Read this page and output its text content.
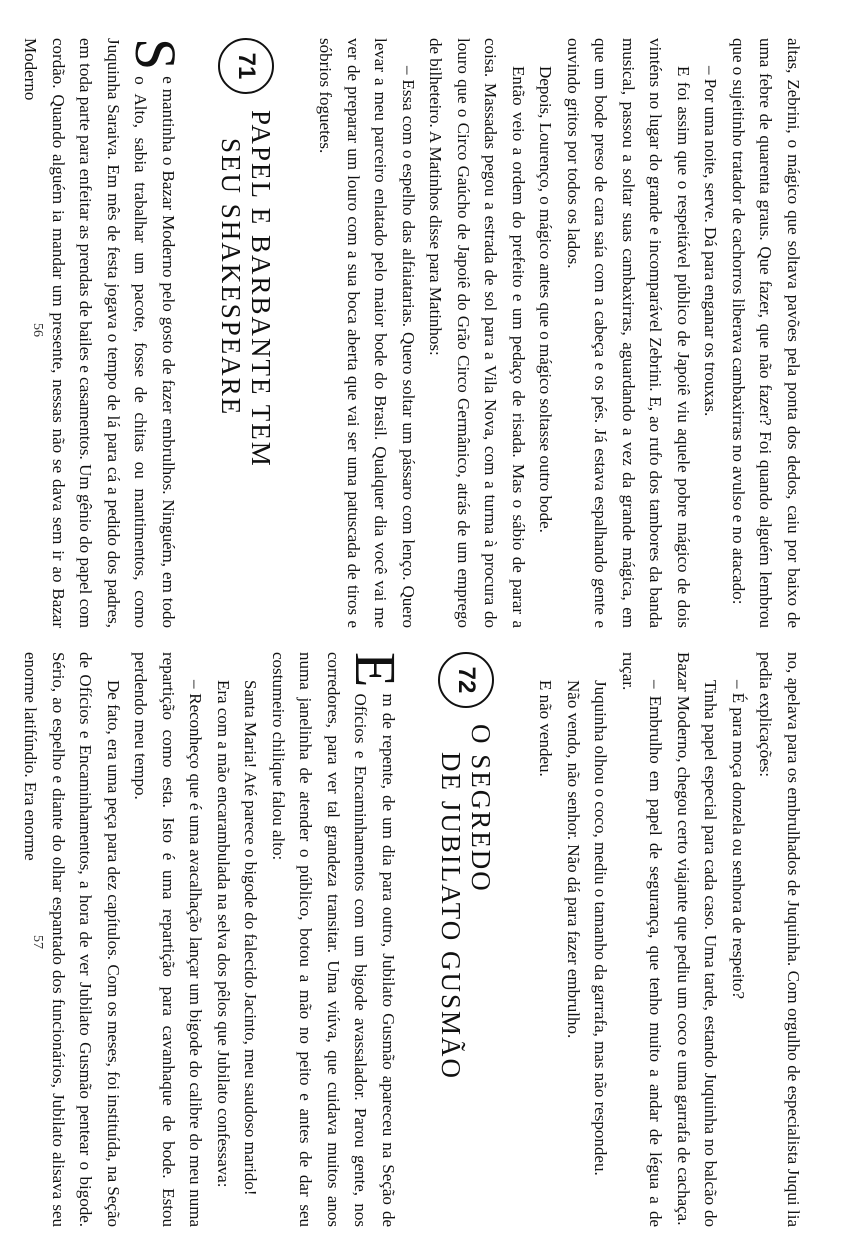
altas, Zebrini, o mágico que soltava pavões pela ponta dos dedos, caiu por baixo de uma febre de quarenta graus. Que fazer, que não fazer? Foi quando alguém lembrou que o sujeitinho tratador de cachorros liberava cambaxirras no avulso e no atacado:

– Por uma noite, serve. Dá para enganar os trouxas.

E foi assim que o respeitável público de Japoiê viu aquele pobre mágico de dois vinténs no lugar do grande e incomparável Zebrini. E, ao rufo dos tambores da banda musical, passou a soltar suas cambaxirras, aguardando a vez da grande mágica, em que um bode preso de cara saía com a cabeça e os pés. Já estava espalhando gente e ouvindo gritos por todos os lados.

Depois, Lourenço, o mágico antes que o mágico soltasse outro bode.

Então veio a ordem do prefeito e um pedaço de risada. Mas o sábio de parar a coisa. Massadas pegou a estrada de sol para a Vila Nova, com a turma à procura do louro que o Circo Gaúcho de Japoiê do Grão Circo Germânico, atrás de um emprego de bilheteiro. A Matinhos disse para Matinhos:

– Essa com o espelho das alfaiatarias. Quero soltar um pássaro com lenço. Quero levar a meu parceiro enlatado pelo maior bode do Brasil. Qualquer dia você vai me ver de preparar um louro com a sua boca aberta que vai ser uma patuscada de tiros e sóbrios foguetes.

71
PAPEL E BARBANTE TEM
SEU SHAKESPEARE

S
e mantinha o Bazar Moderno pelo gosto de fazer embrulhos. Ninguém, em todo o Alto, sabia trabalhar um pacote, fosse de chitas ou mantimentos, como Juquinha Saraiva. Em mês de festa jogava o tempo de lá para cá a pedido dos padres, em toda parte para enfeitar as prendas de bailes e casamentos. Um gênio do papel com cordão. Quando alguém ia mandar um presente, nessas não se dava sem ir ao Bazar Moderno

no, apelava para os embrulhados de Juquinha. Com orgulho de especialista Juqui lia pedia explicações:

– É para moça donzela ou senhora de respeito?

Tinha papel especial para cada caso. Uma tarde, estando Juquinha no balcão do Bazar Moderno, chegou certo viajante que pediu um coco e uma garrafa de cachaça.

– Embrulho em papel de segurança, que tenho muito a andar de légua a de ruçar.

Juquinha olhou o coco, mediu o tamanho da garrafa, mas não respondeu.

Não vendo, não senhor. Não dá para fazer embrulho.

E não vendeu.

72
O SEGREDO
DE JUBILATO GUSMÃO

E
m de repente, de um dia para outro, Jubilato Gusmão apareceu na Seção de Ofícios e Encaminhamentos com um bigode avassalador. Parou gente, nos corredores, para ver tal grandeza transitar. Uma viúva, que cuidava muitos anos numa janelinha de atender o público, botou a mão no peito e antes de dar seu costumeiro chilique falou alto:

Santa Maria! Até parece o bigode do falecido Jacinto, meu saudoso marido!

Era com a mão encarambulada na selva dos pêlos que Jubilato confessava:

– Reconheço que é uma avacalhação lançar um bigode do calibre do meu numa repartição como esta. Isto é uma repartição para cavanhaque de bode. Estou perdendo meu tempo.

De fato, era uma peça para dez capítulos. Com os meses, foi instituída, na Seção de Ofícios e Encaminhamentos, a hora de ver Jubilato Gusmão pentear o bigode. Sério, ao espelho e diante do olhar espantado dos funcionários, Jubilato alisava seu enorme latifúndio. Era enorme

56
57
